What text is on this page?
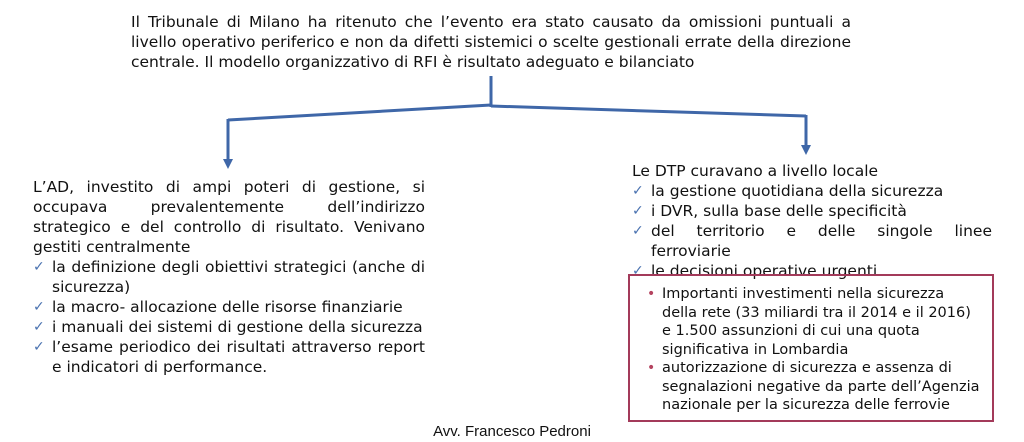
Il Tribunale di Milano ha ritenuto che l’evento era stato causato da omissioni puntuali a livello operativo periferico e non da difetti sistemici o scelte gestionali errate della direzione centrale. Il modello organizzativo di RFI è risultato adeguato e bilanciato
L’AD, investito di ampi poteri di gestione, si occupava prevalentemente dell’indirizzo strategico e del controllo di risultato. Venivano gestiti centralmente
✓ la definizione degli obiettivi strategici (anche di sicurezza)
✓ la macro- allocazione delle risorse finanziarie
✓ i manuali dei sistemi di gestione della sicurezza
✓ l’esame periodico dei risultati attraverso report e indicatori di performance.
Le DTP curavano a livello locale
✓ la gestione quotidiana della sicurezza
✓ i DVR, sulla base delle specificità
✓ del territorio e delle singole linee ferroviarie
✓ le decisioni operative urgenti
• Importanti investimenti nella sicurezza della rete (33 miliardi tra il 2014 e il 2016) e 1.500 assunzioni di cui una quota significativa in Lombardia
• autorizzazione di sicurezza e assenza di segnalazioni negative da parte dell’Agenzia nazionale per la sicurezza delle ferrovie
Avv. Francesco Pedroni
